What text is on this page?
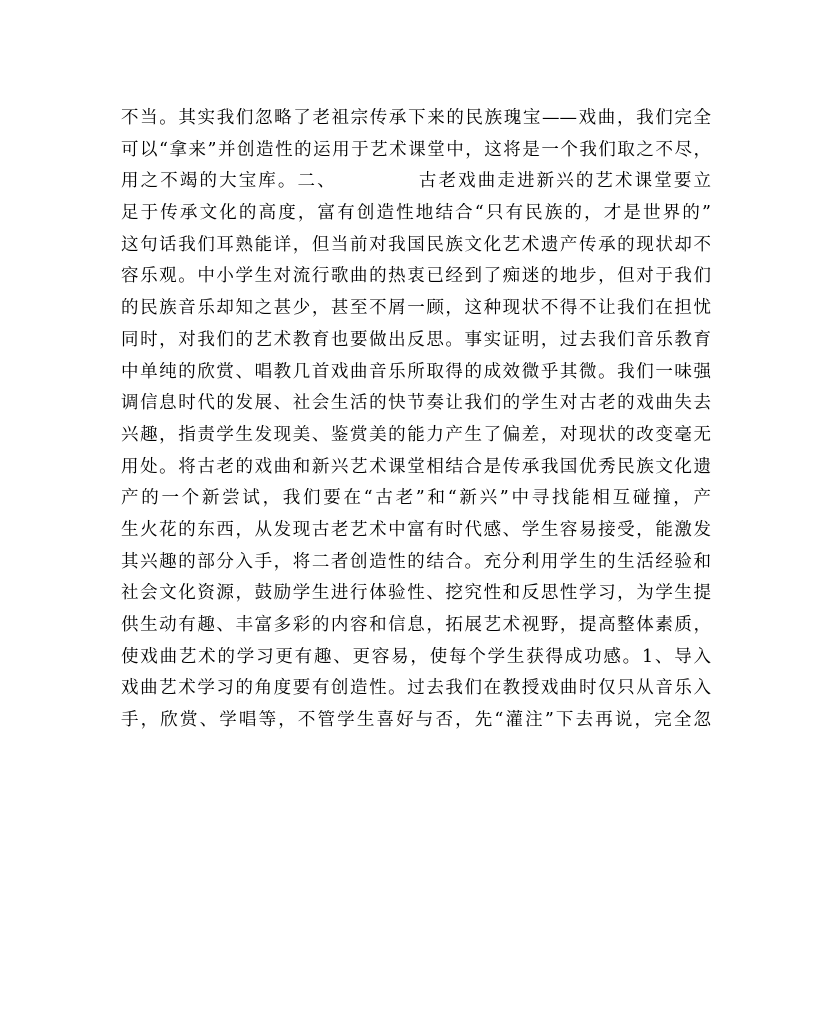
不当。其实我们忽略了老祖宗传承下来的民族瑰宝——戏曲，我们完全
可以“拿来”并创造性的运用于艺术课堂中，这将是一个我们取之不尽，
用之不竭的大宝库。二、	古老戏曲走进新兴的艺术课堂要立
足于传承文化的高度，富有创造性地结合“只有民族的，才是世界的”
这句话我们耳熟能详，但当前对我国民族文化艺术遗产传承的现状却不
容乐观。中小学生对流行歌曲的热衷已经到了痴迷的地步，但对于我们
的民族音乐却知之甚少，甚至不屑一顾，这种现状不得不让我们在担忧
同时，对我们的艺术教育也要做出反思。事实证明，过去我们音乐教育
中单纯的欣赏、唱教几首戏曲音乐所取得的成效微乎其微。我们一味强
调信息时代的发展、社会生活的快节奏让我们的学生对古老的戏曲失去
兴趣，指责学生发现美、鉴赏美的能力产生了偏差，对现状的改变毫无
用处。将古老的戏曲和新兴艺术课堂相结合是传承我国优秀民族文化遗
产的一个新尝试，我们要在“古老”和“新兴”中寻找能相互碰撞，产
生火花的东西，从发现古老艺术中富有时代感、学生容易接受，能激发
其兴趣的部分入手，将二者创造性的结合。充分利用学生的生活经验和
社会文化资源，鼓励学生进行体验性、挖究性和反思性学习，为学生提
供生动有趣、丰富多彩的内容和信息，拓展艺术视野，提高整体素质，
使戏曲艺术的学习更有趣、更容易，使每个学生获得成功感。1、导入
戏曲艺术学习的角度要有创造性。过去我们在教授戏曲时仅只从音乐入
手，欣赏、学唱等，不管学生喜好与否，先“灌注”下去再说，完全忽
